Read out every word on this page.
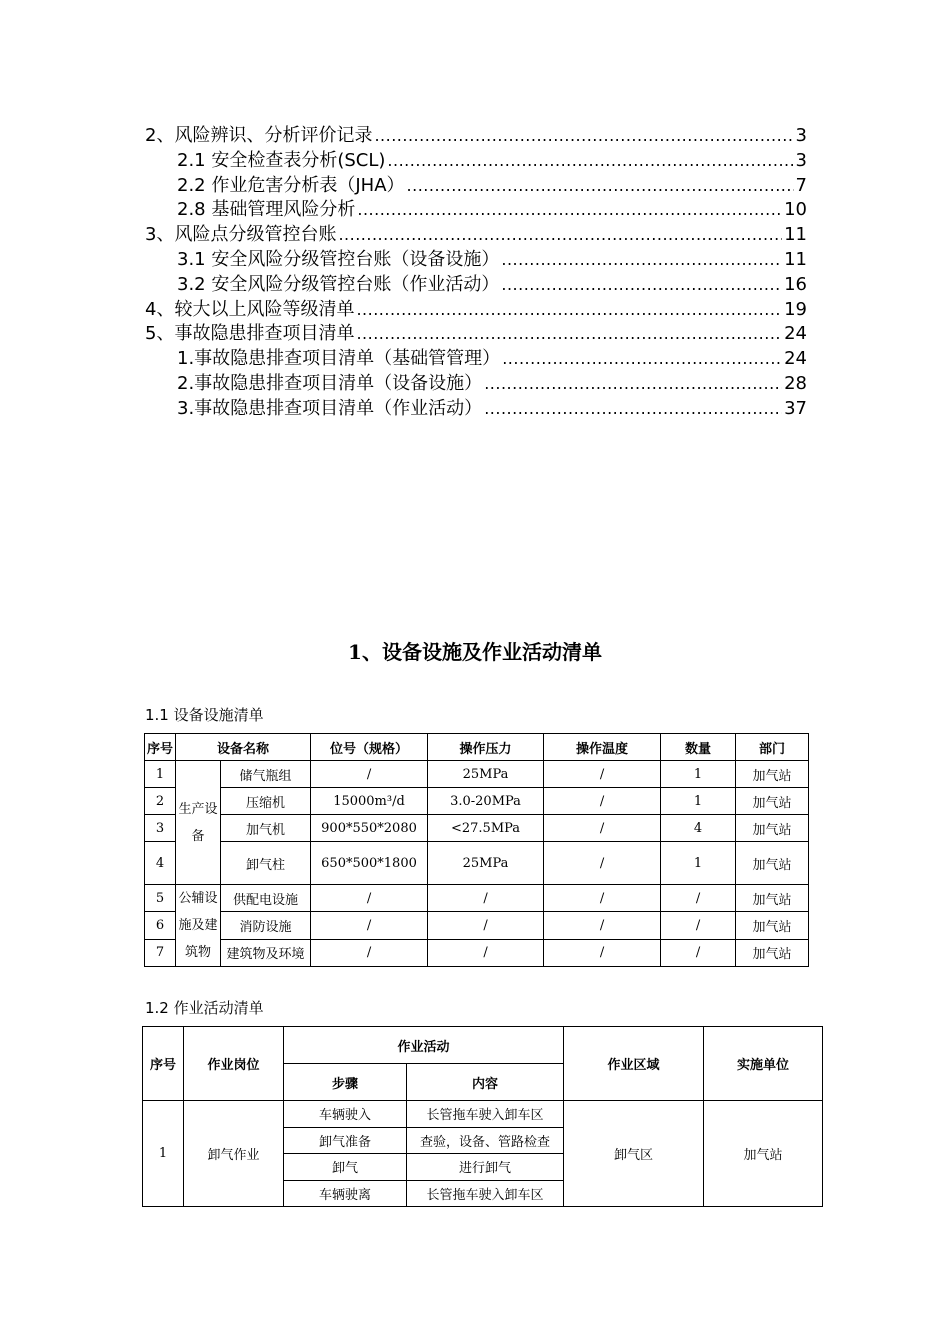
2、风险辨识、分析评价记录 .....	3
2.1 安全检查表分析(SCL) .....	3
2.2 作业危害分析表（JHA） .....	7
2.8 基础管理风险分析 .....	10
3、风险点分级管控台账 .....	11
3.1 安全风险分级管控台账（设备设施） .....	11
3.2 安全风险分级管控台账（作业活动） .....	16
4、较大以上风险等级清单 .....	19
5、事故隐患排查项目清单 .....	24
1.事故隐患排查项目清单（基础管管理） .....	24
2.事故隐患排查项目清单（设备设施） .....	28
3.事故隐患排查项目清单（作业活动） .....	37
1、设备设施及作业活动清单
1.1 设备设施清单
序号	设备名称		位号（规格）	操作压力	操作温度	数量	部门
1	生产设备	储气瓶组	/	25MPa	/	1	加气站
2		压缩机	15000m³/d	3.0-20MPa	/	1	加气站
3		加气机	900*550*2080	<27.5MPa	/	4	加气站
4		卸气柱	650*500*1800	25MPa	/	1	加气站
5	公辅设施及建筑物	供配电设施	/	/	/	/	加气站
6		消防设施	/	/	/	/	加气站
7		建筑物及环境	/	/	/	/	加气站
1.2 作业活动清单
序号	作业岗位	作业活动		作业区域	实施单位
		步骤	内容		
1	卸气作业	车辆驶入	长管拖车驶入卸车区	卸气区	加气站
		卸气准备	查验，设备、管路检查		
		卸气	进行卸气		
		车辆驶离	长管拖车驶入卸车区		
